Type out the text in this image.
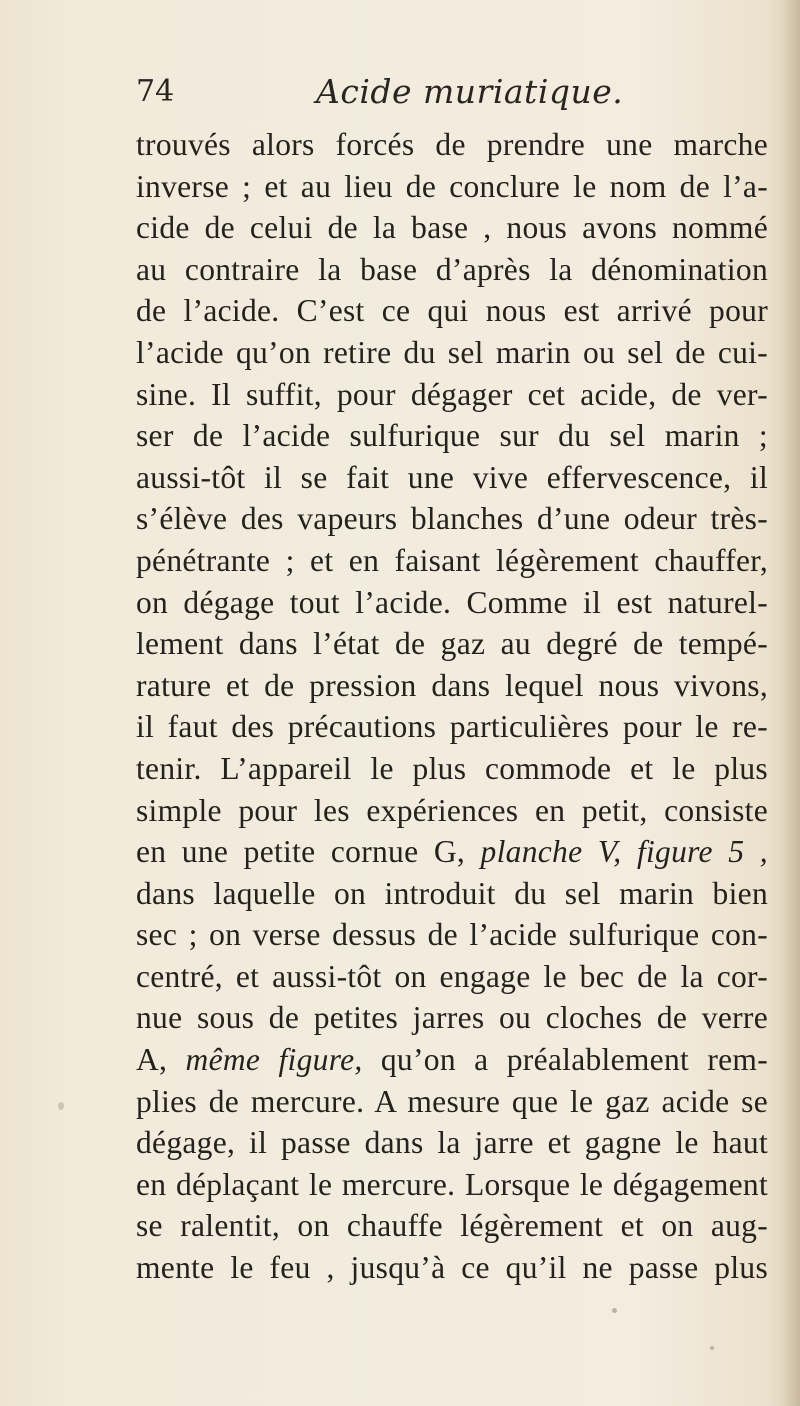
74	Acide muriatique.
trouvés alors forcés de prendre une marche
inverse ; et au lieu de conclure le nom de l’a-
cide de celui de la base , nous avons nommé
au contraire la base d’après la dénomination
de l’acide. C’est ce qui nous est arrivé pour
l’acide qu’on retire du sel marin ou sel de cui-
sine. Il suffit, pour dégager cet acide, de ver-
ser de l’acide sulfurique sur du sel marin ;
aussi-tôt il se fait une vive effervescence, il
s’élève des vapeurs blanches d’une odeur très-
pénétrante ; et en faisant légèrement chauffer,
on dégage tout l’acide. Comme il est naturel-
lement dans l’état de gaz au degré de tempé-
rature et de pression dans lequel nous vivons,
il faut des précautions particulières pour le re-
tenir. L’appareil le plus commode et le plus
simple pour les expériences en petit, consiste
en une petite cornue G, planche V, figure 5 ,
dans laquelle on introduit du sel marin bien
sec ; on verse dessus de l’acide sulfurique con-
centré, et aussi-tôt on engage le bec de la cor-
nue sous de petites jarres ou cloches de verre
A, même figure, qu’on a préalablement rem-
plies de mercure. A mesure que le gaz acide se
dégage, il passe dans la jarre et gagne le haut
en déplaçant le mercure. Lorsque le dégagement
se ralentit, on chauffe légèrement et on aug-
mente le feu , jusqu’à ce qu’il ne passe plus
